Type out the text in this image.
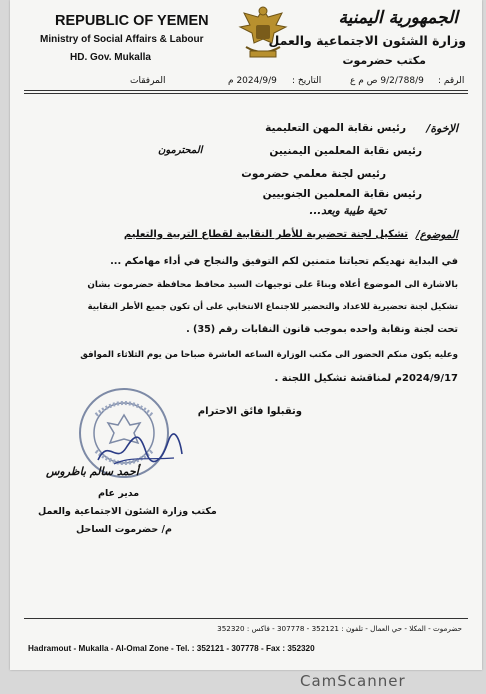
REPUBLIC OF YEMEN
Ministry of Social Affairs & Labour
HD. Gov. Mukalla
الجمهورية اليمنية
وزارة الشئون الاجتماعية والعمل
مكتب حضرموت
المرفقات	2024/9/9 م التاريخ :	9/2/788/9 ص م ع الرقم :
الإخوة/
رئيس نقابة المهن التعليمية
رئيس نقابة المعلمين اليمنيين
المحترمون
رئيس لجنة معلمي حضرموت
رئيس نقابة المعلمين الجنوبيين
تحية طيبة وبعد...
الموضوع/
تشكيل لجنة تحضيرية للأطر النقابية لقطاع التربية والتعليم
في البداية نهديكم تحياتنا متمنين لكم التوفيق والنجاح في أداء مهامكم ...
بالاشارة الى الموضوع أعلاه وبناءً على توجيهات السيد محافظ محافظة حضرموت بشان
تشكيل لجنة تحضيرية للاعداد والتحضير للاجتماع الانتخابي على أن تكون جميع الأطر النقابية
تحت لجنة ونقابة واحده بموجب قانون النقابات رقم (35) .
وعليه يكون منكم الحضور الى مكتب الوزارة الساعه العاشرة صباحا من يوم الثلاثاء الموافق
2024/9/17م لمناقشة تشكيل اللجنة .
وتقبلوا فائق الاحترام
أحمد سالم باظروس
مدير عام
مكتب وزارة الشئون الاجتماعية والعمل
م/ حضرموت الساحل
حضرموت - المكلا - حي العمال - تلفون : 352121 - 307778 - فاكس : 352320
Hadramout - Mukalla - Al-Omal Zone - Tel. : 352121 - 307778 - Fax : 352320
CamScanner
